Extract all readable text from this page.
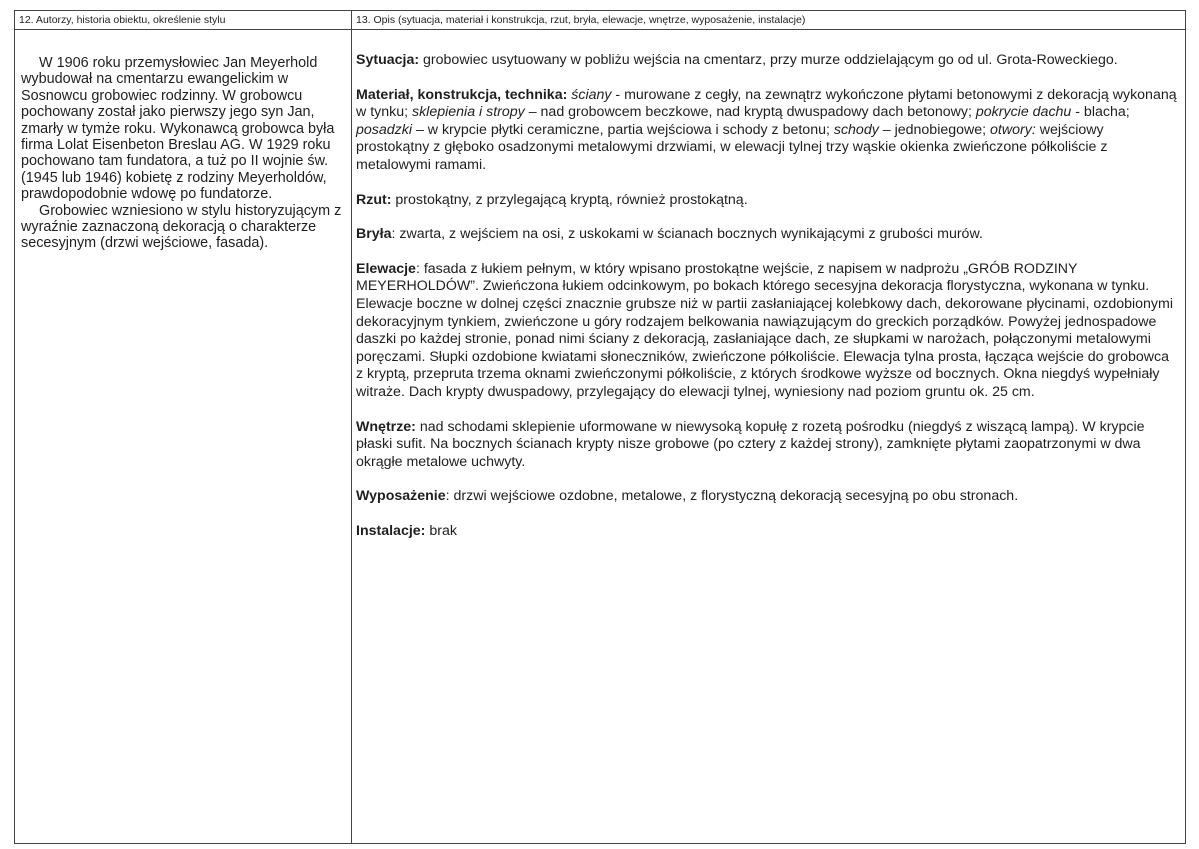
12. Autorzy, historia obiektu, określenie stylu

W 1906 roku przemysłowiec Jan Meyerhold wybudował na cmentarzu ewangelickim w Sosnowcu grobowiec rodzinny. W grobowcu pochowany został jako pierwszy jego syn Jan, zmarły w tymże roku. Wykonawcą grobowca była firma Lolat Eisenbeton Breslau AG. W 1929 roku pochowano tam fundatora, a tuż po II wojnie św. (1945 lub 1946) kobietę z rodziny Meyerholdów, prawdopodobnie wdowę po fundatorze.

Grobowiec wzniesiono w stylu historyzującym z wyraźnie zaznaczoną dekoracją o charakterze secesyjnym (drzwi wejściowe, fasada).

13. Opis (sytuacja, materiał i konstrukcja, rzut, bryła, elewacje, wnętrze, wyposażenie, instalacje)

Sytuacja: grobowiec usytuowany w pobliżu wejścia na cmentarz, przy murze oddzielającym go od ul. Grota-Roweckiego.

Materiał, konstrukcja, technika: ściany - murowane z cegły, na zewnątrz wykończone płytami betonowymi z dekoracją wykonaną w tynku; sklepienia i stropy – nad grobowcem beczkowe, nad kryptą dwuspadowy dach betonowy; pokrycie dachu - blacha; posadzki – w krypcie płytki ceramiczne, partia wejściowa i schody z betonu; schody – jednobiegowe; otwory: wejściowy prostokątny z głęboko osadzonymi metalowymi drzwiami, w elewacji tylnej trzy wąskie okienka zwieńczone półkoliście z metalowymi ramami.

Rzut: prostokątny, z przylegającą kryptą, również prostokątną.

Bryła: zwarta, z wejściem na osi, z uskokami w ścianach bocznych wynikającymi z grubości murów.

Elewacje: fasada z łukiem pełnym, w który wpisano prostokątne wejście, z napisem w nadprożu „GRÓB RODZINY MEYERHOLDÓW”. Zwieńczona łukiem odcinkowym, po bokach którego secesyjna dekoracja florystyczna, wykonana w tynku. Elewacje boczne w dolnej części znacznie grubsze niż w partii zasłaniającej kolebkowy dach, dekorowane płycinami, ozdobionymi dekoracyjnym tynkiem, zwieńczone u góry rodzajem belkowania nawiązującym do greckich porządków. Powyżej jednospadowe daszki po każdej stronie, ponad nimi ściany z dekoracją, zasłaniające dach, ze słupkami w narożach, połączonymi metalowymi poręczami. Słupki ozdobione kwiatami słoneczników, zwieńczone półkoliście. Elewacja tylna prosta, łącząca wejście do grobowca z kryptą, przepruta trzema oknami zwieńczonymi półkoliście, z których środkowe wyższe od bocznych. Okna niegdyś wypełniały witraże. Dach krypty dwuspadowy, przylegający do elewacji tylnej, wyniesiony nad poziom gruntu ok. 25 cm.

Wnętrze: nad schodami sklepienie uformowane w niewysoką kopułę z rozetą pośrodku (niegdyś z wiszącą lampą). W krypcie płaski sufit. Na bocznych ścianach krypty nisze grobowe (po cztery z każdej strony), zamknięte płytami zaopatrzonymi w dwa okrągłe metalowe uchwyty.

Wyposażenie: drzwi wejściowe ozdobne, metalowe, z florystyczną dekoracją secesyjną po obu stronach.

Instalacje: brak
